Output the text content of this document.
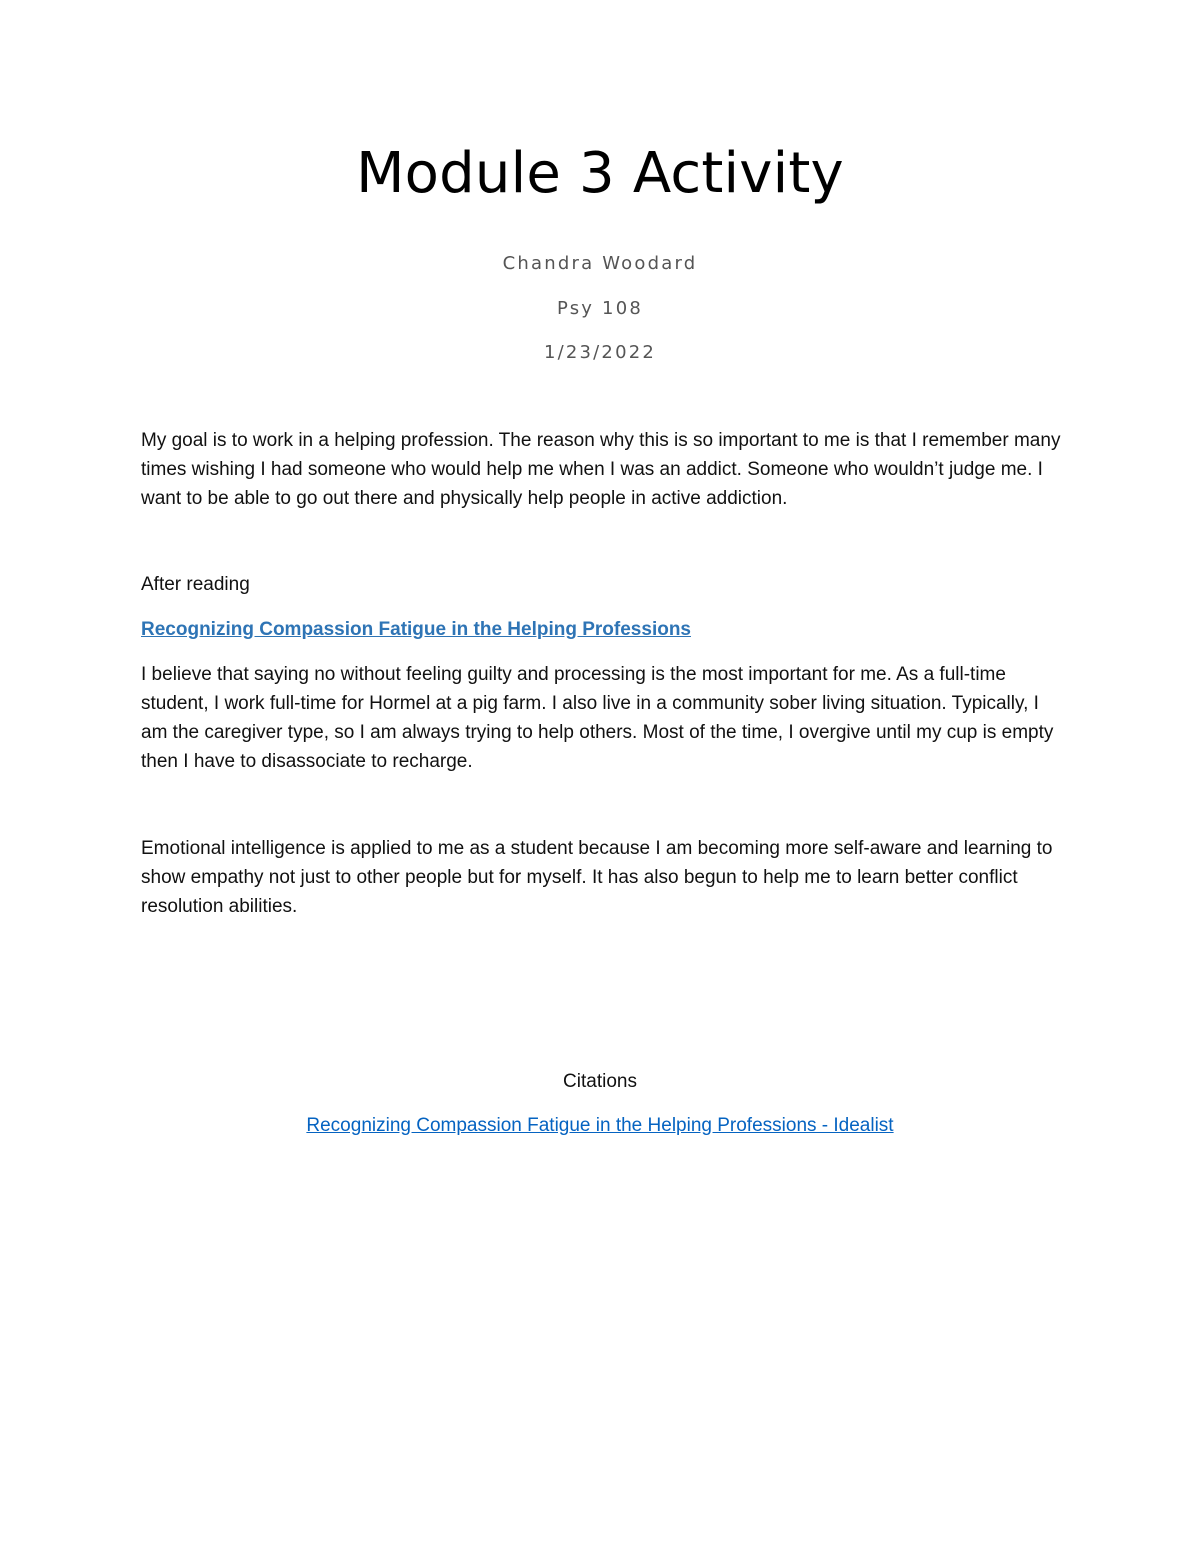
Module 3 Activity

Chandra Woodard

Psy 108

1/23/2022

My goal is to work in a helping profession. The reason why this is so important to me is that I remember many times wishing I had someone who would help me when I was an addict. Someone who wouldn’t judge me. I want to be able to go out there and physically help people in active addiction.

After reading

Recognizing Compassion Fatigue in the Helping Professions

I believe that saying no without feeling guilty and processing is the most important for me. As a full-time student, I work full-time for Hormel at a pig farm. I also live in a community sober living situation. Typically, I am the caregiver type, so I am always trying to help others. Most of the time, I overgive until my cup is empty then I have to disassociate to recharge.

Emotional intelligence is applied to me as a student because I am becoming more self-aware and learning to show empathy not just to other people but for myself. It has also begun to help me to learn better conflict resolution abilities.

Citations

Recognizing Compassion Fatigue in the Helping Professions - Idealist
